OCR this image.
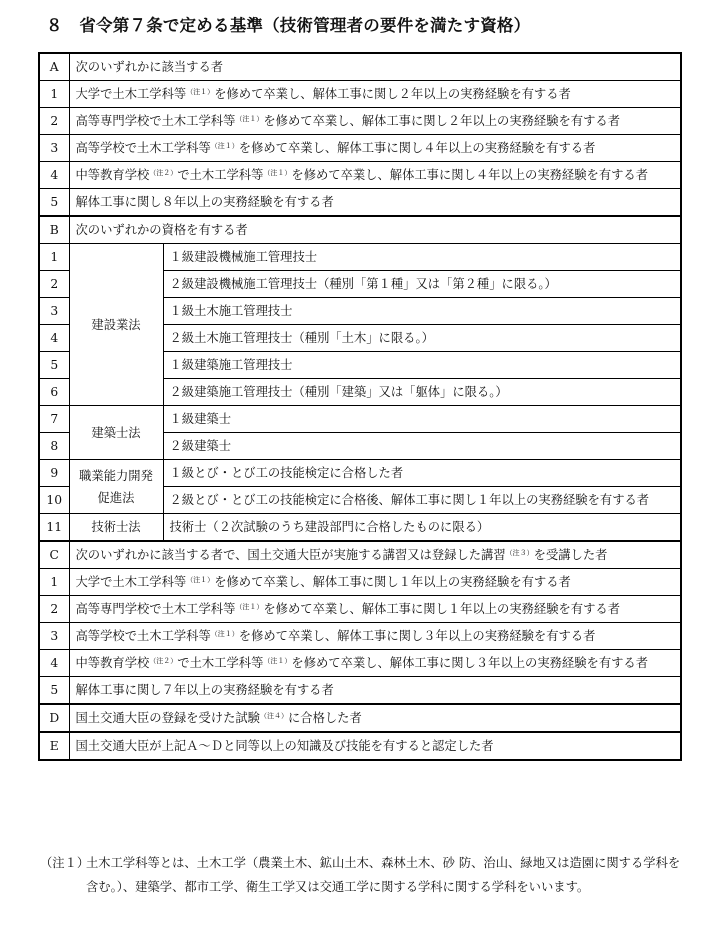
８　省令第７条で定める基準（技術管理者の要件を満たす資格）
A	次のいずれかに該当する者	
1	大学で土木工学科等$^{(注1)}$を修めて卒業し、解体工事に関し２年以上の実務経験を有する者	
2	高等専門学校で土木工学科等$^{(注1)}$を修めて卒業し、解体工事に関し２年以上の実務経験を有する者	
3	高等学校で土木工学科等$^{(注1)}$を修めて卒業し、解体工事に関し４年以上の実務経験を有する者	
4	中等教育学校$^{(注2)}$で土木工学科等$^{(注1)}$を修めて卒業し、解体工事に関し４年以上の実務経験を有する者	
5	解体工事に関し８年以上の実務経験を有する者	
B	次のいずれかの資格を有する者	
1	建設業法	１級建設機械施工管理技士
2		２級建設機械施工管理技士（種別「第１種」又は「第２種」に限る。）
3		１級土木施工管理技士
4		２級土木施工管理技士（種別「土木」に限る。）
5		１級建築施工管理技士
6		２級建築施工管理技士（種別「建築」又は「躯体」に限る。）
7	建築士法	１級建築士
8		２級建築士
9	職業能力開発促進法	１級とび・とび工の技能検定に合格した者
10		２級とび・とび工の技能検定に合格後、解体工事に関し１年以上の実務経験を有する者
11	技術士法	技術士（２次試験のうち建設部門に合格したものに限る）
C	次のいずれかに該当する者で、国土交通大臣が実施する講習又は登録した講習$^{(注3)}$を受講した者	
1	大学で土木工学科等$^{(注1)}$を修めて卒業し、解体工事に関し１年以上の実務経験を有する者	
2	高等専門学校で土木工学科等$^{(注1)}$を修めて卒業し、解体工事に関し１年以上の実務経験を有する者	
3	高等学校で土木工学科等$^{(注1)}$を修めて卒業し、解体工事に関し３年以上の実務経験を有する者	
4	中等教育学校$^{(注2)}$で土木工学科等$^{(注1)}$を修めて卒業し、解体工事に関し３年以上の実務経験を有する者	
5	解体工事に関し７年以上の実務経験を有する者	
D	国土交通大臣の登録を受けた試験$^{(注4)}$に合格した者	
E	国土交通大臣が上記Ａ〜Ｄと同等以上の知識及び技能を有すると認定した者	
（注１）
土木工学科等とは、土木工学（農業土木、鉱山土木、森林土木、砂 防、治山、緑地又は造園に関する学科を含む。）、建築学、都市工学、衛生工学又は交通工学に関する学科に関する学科をいいます。
